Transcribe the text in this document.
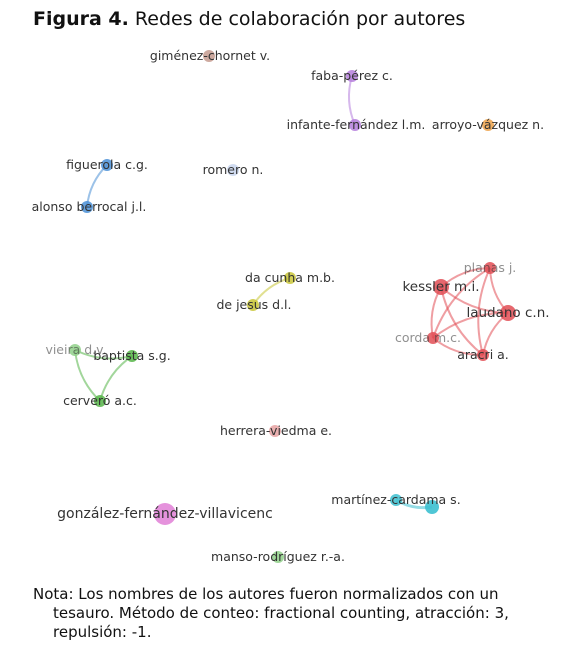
Figura 4. Redes de colaboración por autores
giménez-chornet v.
faba-pérez c.
infante-fernández l.m. arroyo-vázquez n.
figuerola c.g.	romero n.
alonso berrocal j.l.
da cunha m.b.
de jesus d.l.
planas j.
kessler m.i.
laudano c.n.
corda m.c.
aracri a.
vieira d.v.
baptista s.g.
cerveró a.c.
herrera-viedma e.
martínez-cardama s.
gonzález-fernández-villavicenc
manso-rodríguez r.-a.
Nota: Los nombres de los autores fueron normalizados con un tesauro. Método de conteo: fractional counting, atracción: 3, repulsión: -1.
